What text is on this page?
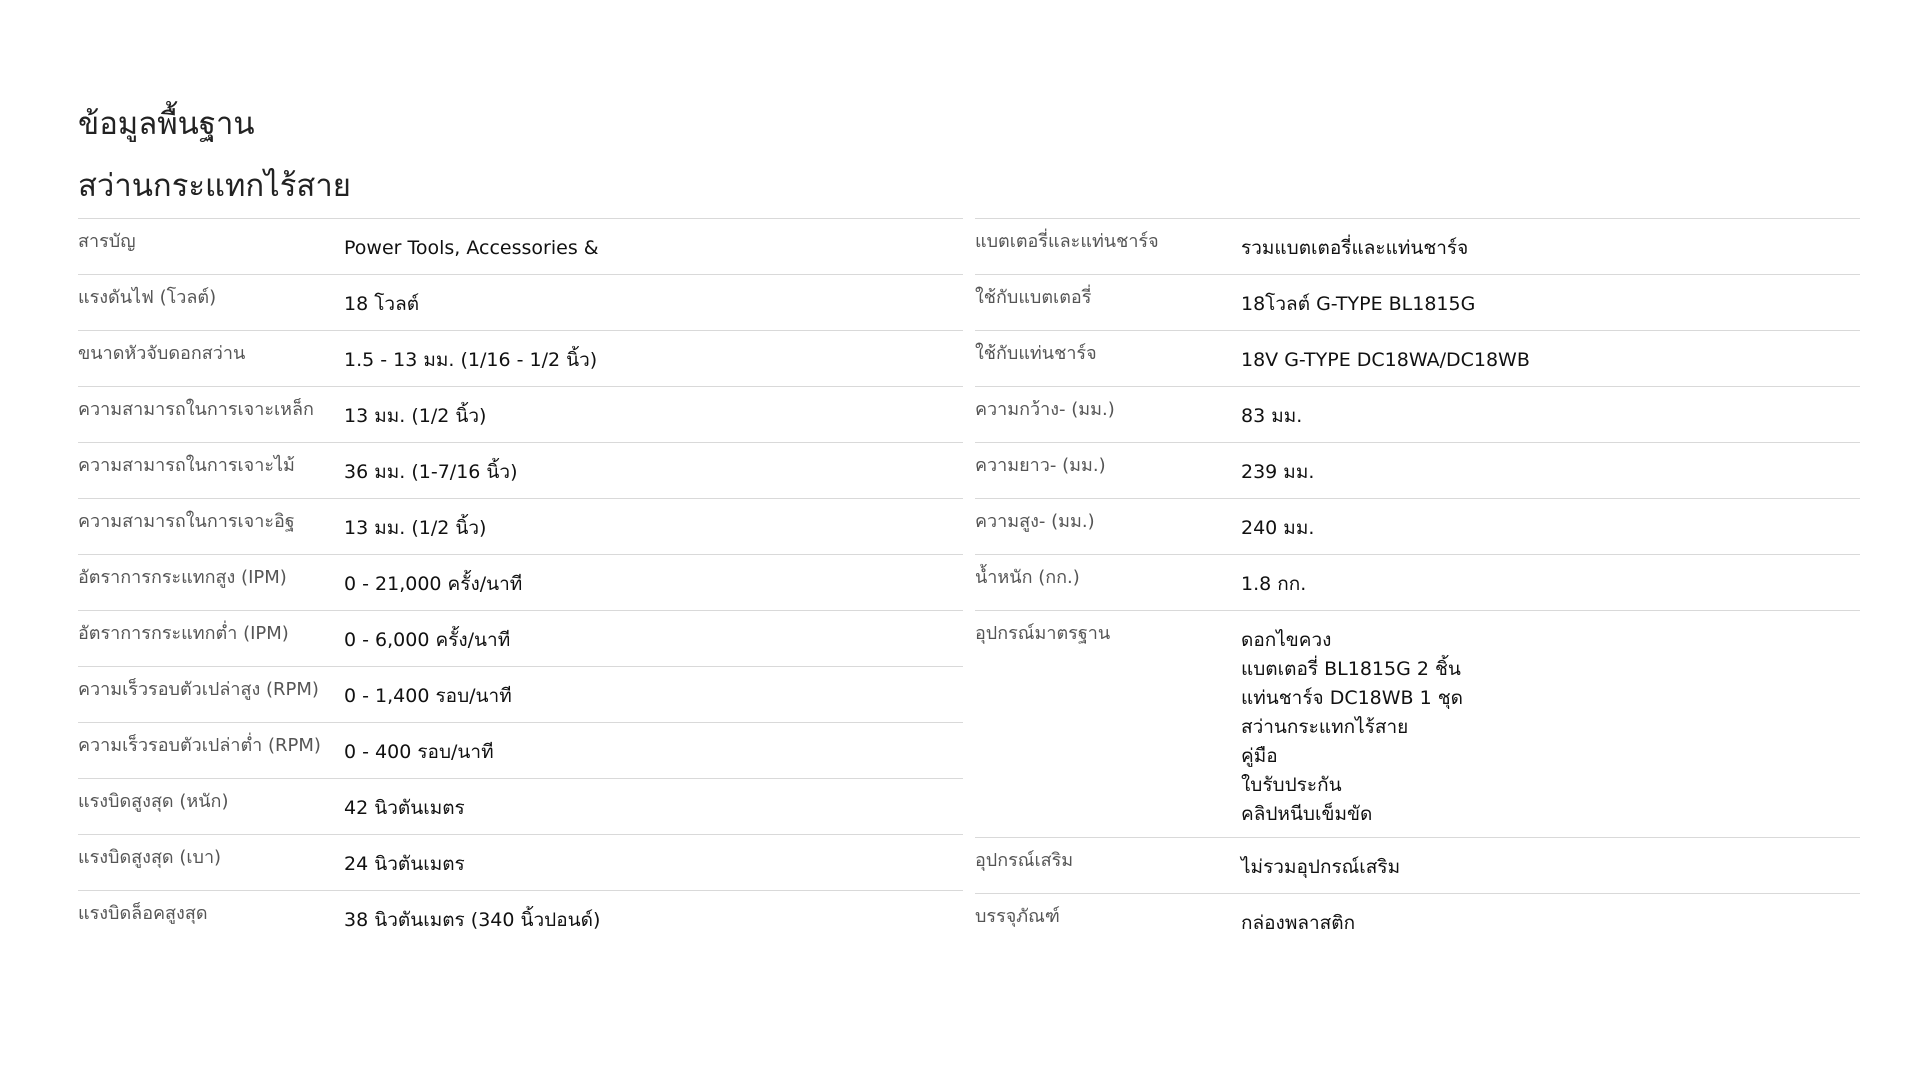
ข้อมูลพื้นฐาน
สว่านกระแทกไร้สาย
สารบัญ	Power Tools, Accessories &
แรงดันไฟ (โวลต์)	18 โวลต์
ขนาดหัวจับดอกสว่าน	1.5 - 13 มม. (1/16 - 1/2 นิ้ว)
ความสามารถในการเจาะเหล็ก	13 มม. (1/2 นิ้ว)
ความสามารถในการเจาะไม้	36 มม. (1-7/16 นิ้ว)
ความสามารถในการเจาะอิฐ	13 มม. (1/2 นิ้ว)
อัตราการกระแทกสูง (IPM)	0 - 21,000 ครั้ง/นาที
อัตราการกระแทกต่ำ (IPM)	0 - 6,000 ครั้ง/นาที
ความเร็วรอบตัวเปล่าสูง (RPM)	0 - 1,400 รอบ/นาที
ความเร็วรอบตัวเปล่าต่ำ (RPM)	0 - 400 รอบ/นาที
แรงบิดสูงสุด (หนัก)	42 นิวตันเมตร
แรงบิดสูงสุด (เบา)	24 นิวตันเมตร
แรงบิดล็อคสูงสุด	38 นิวตันเมตร (340 นิ้วปอนด์)
แบตเตอรี่และแท่นชาร์จ	รวมแบตเตอรี่และแท่นชาร์จ
ใช้กับแบตเตอรี่	18โวลต์ G-TYPE BL1815G
ใช้กับแท่นชาร์จ	18V G-TYPE DC18WA/DC18WB
ความกว้าง- (มม.)	83 มม.
ความยาว- (มม.)	239 มม.
ความสูง- (มม.)	240 มม.
น้ำหนัก (กก.)	1.8 กก.
อุปกรณ์มาตรฐาน	ดอกไขควง
แบตเตอรี่ BL1815G 2 ชิ้น
แท่นชาร์จ DC18WB 1 ชุด
สว่านกระแทกไร้สาย
คู่มือ
ใบรับประกัน
คลิปหนีบเข็มขัด
อุปกรณ์เสริม	ไม่รวมอุปกรณ์เสริม
บรรจุภัณฑ์	กล่องพลาสติก
